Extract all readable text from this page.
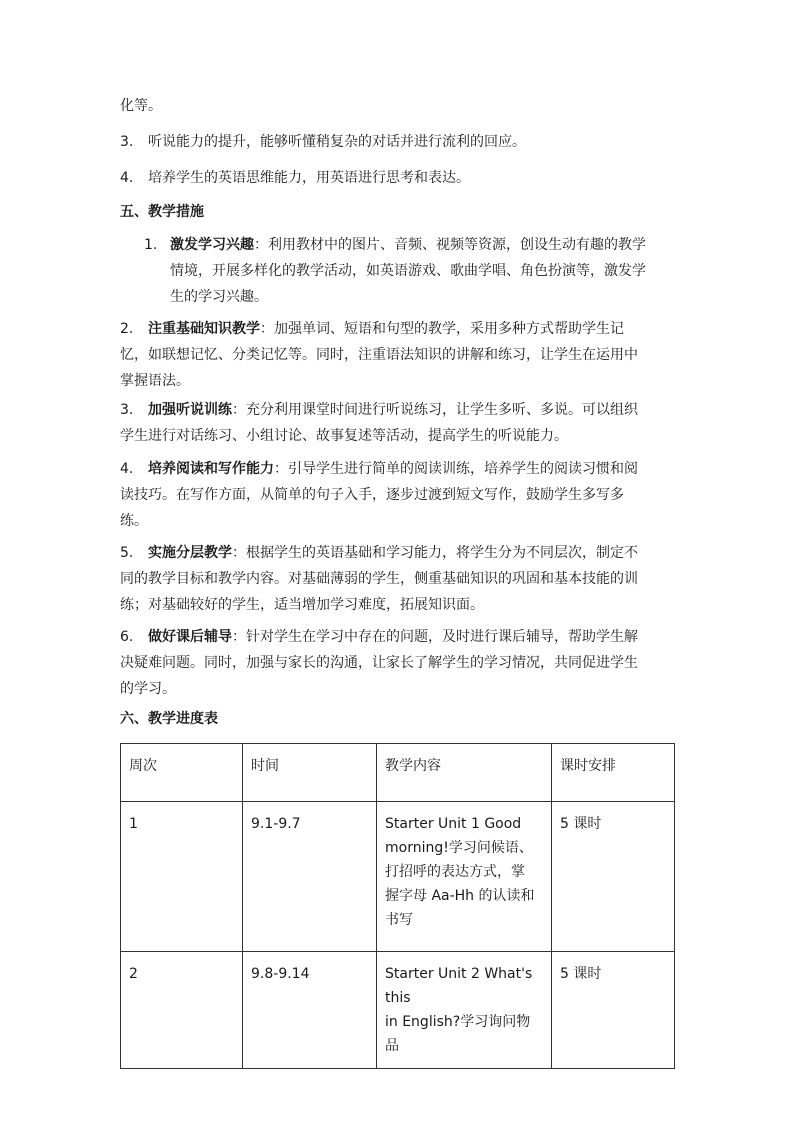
化等。
3. 听说能力的提升，能够听懂稍复杂的对话并进行流利的回应。
4. 培养学生的英语思维能力，用英语进行思考和表达。
五、教学措施
1. 激发学习兴趣：利用教材中的图片、音频、视频等资源，创设生动有趣的教学
情境，开展多样化的教学活动，如英语游戏、歌曲学唱、角色扮演等，激发学
生的学习兴趣。
2. 注重基础知识教学：加强单词、短语和句型的教学，采用多种方式帮助学生记
忆，如联想记忆、分类记忆等。同时，注重语法知识的讲解和练习，让学生在运用中
掌握语法。
3. 加强听说训练：充分利用课堂时间进行听说练习，让学生多听、多说。可以组织
学生进行对话练习、小组讨论、故事复述等活动，提高学生的听说能力。
4. 培养阅读和写作能力：引导学生进行简单的阅读训练，培养学生的阅读习惯和阅
读技巧。在写作方面，从简单的句子入手，逐步过渡到短文写作，鼓励学生多写多
练。
5. 实施分层教学：根据学生的英语基础和学习能力，将学生分为不同层次，制定不
同的教学目标和教学内容。对基础薄弱的学生，侧重基础知识的巩固和基本技能的训
练；对基础较好的学生，适当增加学习难度，拓展知识面。
6. 做好课后辅导：针对学生在学习中存在的问题，及时进行课后辅导，帮助学生解
决疑难问题。同时，加强与家长的沟通，让家长了解学生的学习情况，共同促进学生
的学习。
六、教学进度表
周次	时间	教学内容	课时安排
1	9.1-9.7	Starter Unit 1 Good
morning!学习问候语、
打招呼的表达方式，掌
握字母 Aa-Hh 的认读和
书写	5 课时
2	9.8-9.14	Starter Unit 2 What's this
in English?学习询问物品	5 课时
